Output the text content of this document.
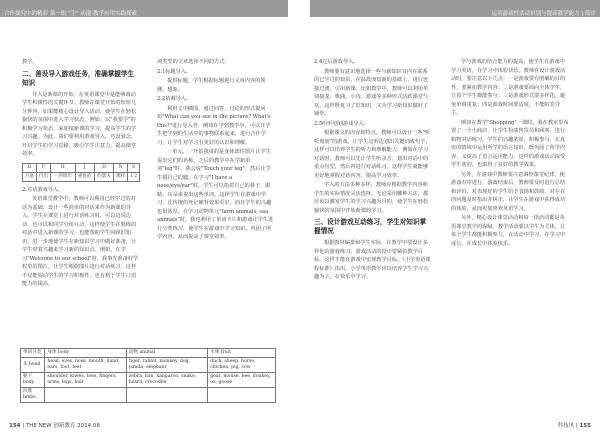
合作探究中的精彩 第一组 "生" 动漫·教学应用实践探索	运用游戏性活动识别与提高教学能力 | 简评

教学。

二、善设导入游戏任务，准确掌握学生知识

导入是新课的开始，在英语课堂中是能够调动学生积极性的关键环节。教师在课堂开始的短短几分钟内，如果能精心设计导入活动，使学生在轻松愉快的氛围中进入学习状态，例如：以"我要学"的积极学习状态，来迎接新课的学习，提高学生的学习兴趣。为此，我们要利用游戏导入，巧设悬念，开启学生的学习思路，吸引学生注意力，提高课堂效率。

D	F	H	J	D	N	S
月底	付出	一到周年	重复的	约瑟夫	那样	1 2

2.对话游戏导入。

英语课堂教学中，教师可以利用已经学过的对话为基础，设计一些简单的对话来作为新课的导入。学生在课堂上进行对话练习时，可以边说边动，也可以和同学分组互动，这样使学生在熟练的对话中进入新课的学习，也能帮助学生回顾旧知识，进一步地使学生在新知识学习中做好准备，让学生带着兴趣来学习新的知识点。例如，在学习"Welcome to our school"时，我事先准备好学校里的图片，让学生根据图片进行对话练习。这样不仅能调动学生的学习积极性，也有利于学生口语能力的提高。

词类型的文章选择不同的方式：

2.1标题导入。

提供标题，学生根据标题进行文章内容的预测、想象。

2.2猜测导入。

利用文中插图，通过问答、讨论的形式提问如"What can you see in the picture? What's this?"进行导入等，例如在学到教学中，可以让学生把学到的生活中的事物联系起来，进行合作学习，让学生对学习有更好的认识和理解。

一单元，一开始我用的是身体部位图片让学生说出它们的名称，之后的教学中在学新单词"leg"时，我会说"Touch your leg"，然后让学生摸自己的腿。在学习"I have a nose/eye/ear"时，学生可以指着自己的鼻子、眼睛、耳朵来说出这些单词。这样学生在游戏中学习，比传统的死记硬背效果更好，而且学生的兴趣也很浓厚。在学习动物单元"farm animals, sea animals"时，我也利用了单词卡片和游戏让学生进行分类练习，使学生在游戏中学习知识，巩固了所学内容，从而提高了课堂效率。

单词分类	身体 body	动物 animal	水果 fruit
头 head	head, eyes, nose, mouth, hand, ears, foot, feet	tiger, rabbit, monkey, dog, panda, elephant	duck, sheep, horse, chicken, pig, cow
躯干 body	shoulder, knees, toes, fingers, arms, legs, hair	zebra, lion, kangaroo, snake, lizard, crocodile	goat, mouse, bee, donkey, ox, goose
四肢 limbs			

2.4过后游戏导入。

教师要有意识地选择一些与新知识有内在联系的已学过的知识，在温故而知新的基础上，进行连接过渡，引出新课。比如教学中，教师可以利用单词接龙、歌曲、小诗、游戏等多种形式活跃课堂气氛，这样既复习了旧知识，又为学习新知识做好了铺垫。

2.5听听划划游戏导入。

根据课文的内容和特点，教师可以设计一些"听听划划"的游戏，让学生边听边划出关键词或句子，这样可以培养学生的听力和理解能力。例如在学习对话时，教师可以先让学生听录音，划出对话中的重点句型，然后再进行对话练习。这样学生就能够更好地掌握对话内容，提高学习效率。

学入的方法多种多样，教师应根据教学内容和学生的实际情况灵活选择。无论采用哪种方法，都应该以激发学生的学习兴趣为目的，使学生在轻松愉快的氛围中开始新课的学习。

三、设计游戏互动练习，学生对知识掌握情况

根据教材编排和学生实际，在教学中要设计多样化的游戏练习。游戏活动的设计要紧扣教学目标，这样才能在游戏中实现教学目标。《小学英语课程标准》指出，小学英语教学应以培养学生学习兴趣为主，在快乐中学习。

学与游戏的结合能力的提高，使学生在游戏中学习英语，在学习中体验快乐。教师在设计游戏活动时，要注意以下几点：一是游戏要有明确的目的性，要紧扣教学内容；二是游戏要面向全体学生，让每个学生都能参与；三是游戏形式要多样化，避免单调重复；四是游戏时间要适度，不能喧宾夺主。

例如在教学"Shopping"一课时，我在教室里布置了一个小商店，让学生扮演售货员和顾客，进行购物对话练习。学生们兴趣浓厚，积极参与，在真实的情境中运用所学的语言知识，既巩固了所学内容，又提高了语言运用能力。这样的游戏活动深受学生欢迎，也取得了良好的教学效果。

另外，在游戏中教师要注意调控课堂纪律，使游戏有序进行。游戏结束后，教师要及时进行总结和评价，对表现好的学生给予表扬和鼓励，对存在的问题及时指出并纠正，让学生在游戏中获得成功的体验，从而更加喜欢英语学习。

另外，精心设计课堂活动和每一项活动都是英语课堂教学的保障。教学活动要以学生为主体，让每个学生都能积极参与，在活动中学习，在学习中成长，在成长中体验快乐。

154 | THE NEW 创新教育 2014.08	科技风 | 155
